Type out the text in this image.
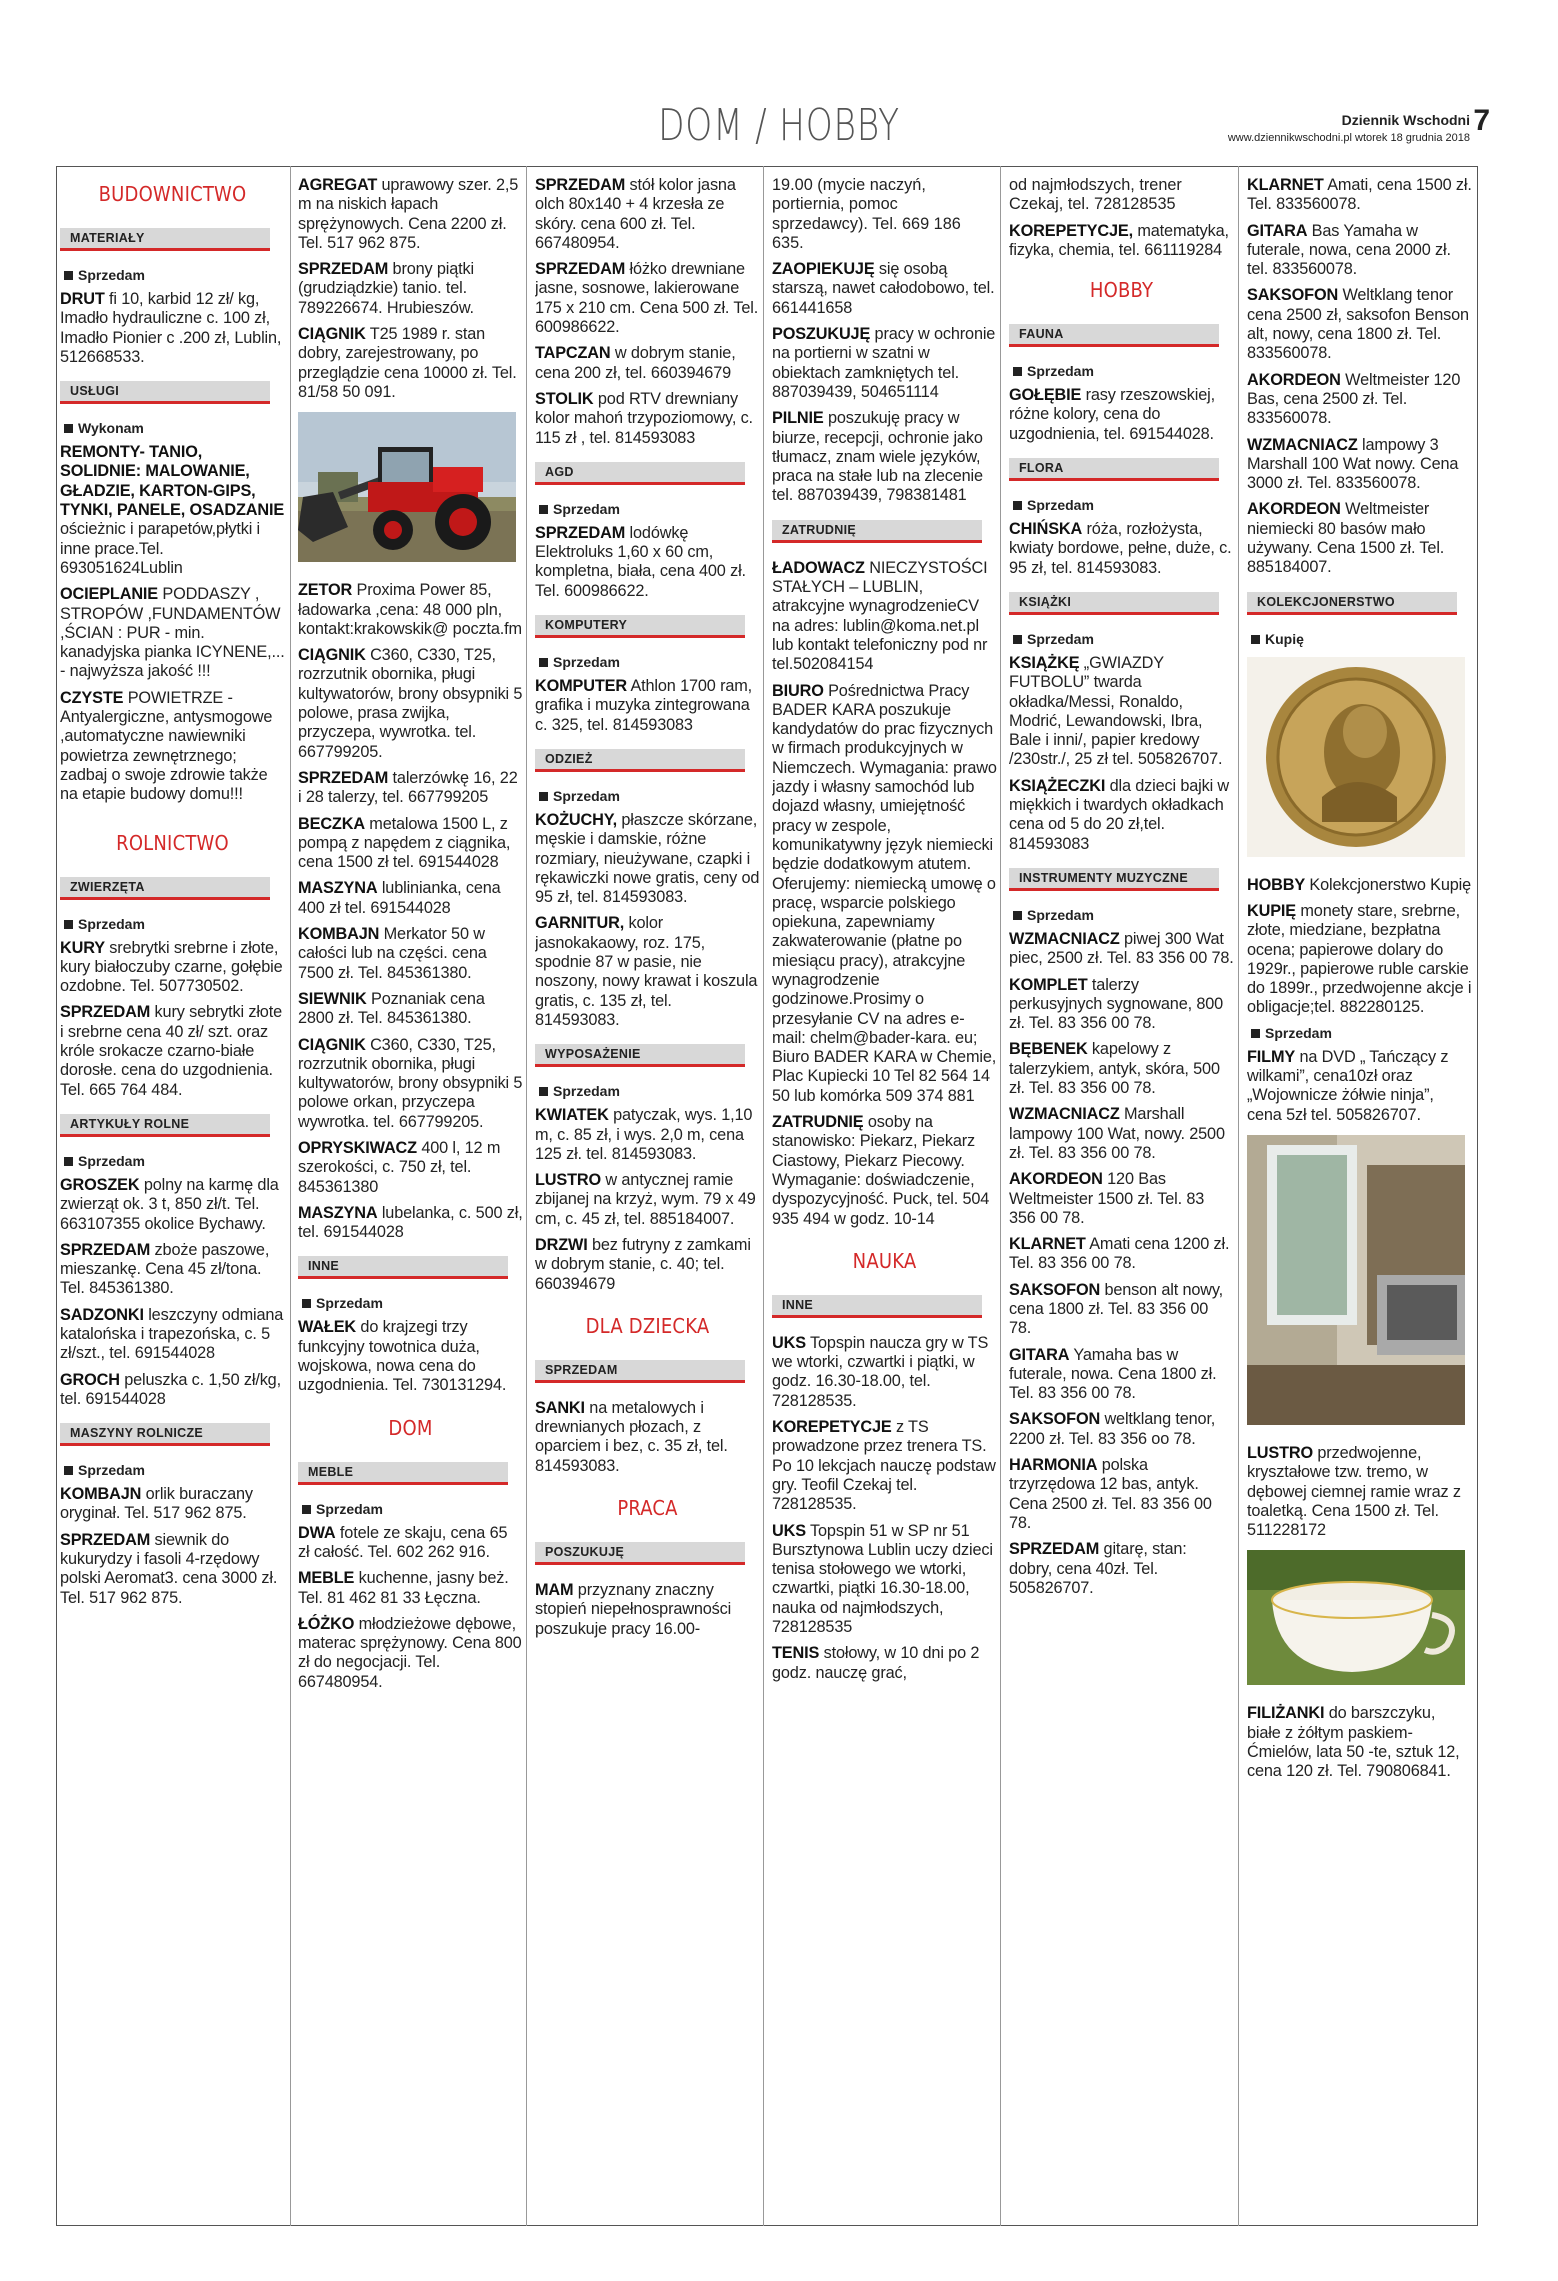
DOM / HOBBY	Dziennik Wschodni 7
www.dziennikwschodni.pl wtorek 18 grudnia 2018
BUDOWNICTWO
MATERIAŁY
Sprzedam
DRUT fi 10, karbid 12 zł/ kg, Imadło hydrauliczne c. 100 zł, Imadło Pionier c .200 zł, Lublin, 512668533.
USŁUGI
Wykonam
REMONTY- TANIO, SOLIDNIE: MALOWANIE, GŁADZIE, KARTON-GIPS, TYNKI, PANELE, OSADZANIE ościeżnic i parapetów,płytki i inne prace.Tel. 693051624Lublin
OCIEPLANIE PODDASZY , STROPÓW ,FUNDAMENTÓW ,ŚCIAN : PUR - min. kanadyjska pianka ICYNENE,... - najwyższa jakość !!!
CZYSTE POWIETRZE - Antyalergiczne, antysmogowe ,automatyczne nawiewniki powietrza zewnętrznego; zadbaj o swoje zdrowie także na etapie budowy domu!!!
ROLNICTWO
ZWIERZĘTA
Sprzedam
KURY srebrytki srebrne i złote, kury białoczuby czarne, gołębie ozdobne. Tel. 507730502.
SPRZEDAM kury sebrytki złote i srebrne cena 40 zł/ szt. oraz króle srokacze czarno-białe dorosłe. cena do uzgodnienia. Tel. 665 764 484.
ARTYKUŁY ROLNE
Sprzedam
GROSZEK polny na karmę dla zwierząt ok. 3 t, 850 zł/t. Tel. 663107355 okolice Bychawy.
SPRZEDAM zboże paszowe, mieszankę. Cena 45 zł/tona. Tel. 845361380.
SADZONKI leszczyny odmiana katalońska i trapezońska, c. 5 zł/szt., tel. 691544028
GROCH peluszka c. 1,50 zł/kg, tel. 691544028
MASZYNY ROLNICZE
Sprzedam
KOMBAJN orlik buraczany oryginał. Tel. 517 962 875.
SPRZEDAM siewnik do kukurydzy i fasoli 4-rzędowy polski Aeromat3. cena 3000 zł. Tel. 517 962 875.
AGREGAT uprawowy szer. 2,5 m na niskich łapach sprężynowych. Cena 2200 zł. Tel. 517 962 875.
SPRZEDAM brony piątki (grudziądzkie) tanio. tel. 789226674. Hrubieszów.
CIĄGNIK T25 1989 r. stan dobry, zarejestrowany, po przeglądzie cena 10000 zł. Tel. 81/58 50 091.
ZETOR Proxima Power 85, ładowarka ,cena: 48 000 pln, kontakt:krakowskik@ poczta.fm
CIĄGNIK C360, C330, T25, rozrzutnik obornika, pługi kultywatorów, brony obsypniki 5 polowe, prasa zwijka, przyczepa, wywrotka. tel. 667799205.
SPRZEDAM talerzówkę 16, 22 i 28 talerzy, tel. 667799205
BECZKA metalowa 1500 L, z pompą z napędem z ciągnika, cena 1500 zł tel. 691544028
MASZYNA lublinianka, cena 400 zł tel. 691544028
KOMBAJN Merkator 50 w całości lub na części. cena 7500 zł. Tel. 845361380.
SIEWNIK Poznaniak cena 2800 zł. Tel. 845361380.
CIĄGNIK C360, C330, T25, rozrzutnik obornika, pługi kultywatorów, brony obsypniki 5 polowe orkan, przyczepa wywrotka. tel. 667799205.
OPRYSKIWACZ 400 l, 12 m szerokości, c. 750 zł, tel. 845361380
MASZYNA lubelanka, c. 500 zł, tel. 691544028
INNE
Sprzedam
WAŁEK do krajzegi trzy funkcyjny towotnica duża, wojskowa, nowa cena do uzgodnienia. Tel. 730131294.
DOM
MEBLE
Sprzedam
DWA fotele ze skaju, cena 65 zł całość. Tel. 602 262 916.
MEBLE kuchenne, jasny beż. Tel. 81 462 81 33 Łęczna.
ŁÓŻKO młodzieżowe dębowe, materac sprężynowy. Cena 800 zł do negocjacji. Tel. 667480954.
SPRZEDAM stół kolor jasna olch 80x140 + 4 krzesła ze skóry. cena 600 zł. Tel. 667480954.
SPRZEDAM łóżko drewniane jasne, sosnowe, lakierowane 175 x 210 cm. Cena 500 zł. Tel. 600986622.
TAPCZAN w dobrym stanie, cena 200 zł, tel. 660394679
STOLIK pod RTV drewniany kolor mahoń trzypoziomowy, c. 115 zł , tel. 814593083
AGD
Sprzedam
SPRZEDAM lodówkę Elektroluks 1,60 x 60 cm, kompletna, biała, cena 400 zł. Tel. 600986622.
KOMPUTERY
Sprzedam
KOMPUTER Athlon 1700 ram, grafika i muzyka zintegrowana c. 325, tel. 814593083
ODZIEŻ
Sprzedam
KOŻUCHY, płaszcze skórzane, męskie i damskie, różne rozmiary, nieużywane, czapki i rękawiczki nowe gratis, ceny od 95 zł, tel. 814593083.
GARNITUR, kolor jasnokakaowy, roz. 175, spodnie 87 w pasie, nie noszony, nowy krawat i koszula gratis, c. 135 zł, tel. 814593083.
WYPOSAŻENIE
Sprzedam
KWIATEK patyczak, wys. 1,10 m, c. 85 zł, i wys. 2,0 m, cena 125 zł. tel. 814593083.
LUSTRO w antycznej ramie zbijanej na krzyż, wym. 79 x 49 cm, c. 45 zł, tel. 885184007.
DRZWI bez futryny z zamkami w dobrym stanie, c. 40; tel. 660394679
DLA DZIECKA
SPRZEDAM
SANKI na metalowych i drewnianych płozach, z oparciem i bez, c. 35 zł, tel. 814593083.
PRACA
POSZUKUJĘ
MAM przyznany znaczny stopień niepełnosprawności poszukuje pracy 16.00-
19.00 (mycie naczyń, portiernia, pomoc sprzedawcy). Tel. 669 186 635.
ZAOPIEKUJĘ się osobą starszą, nawet całodobowo, tel. 661441658
POSZUKUJĘ pracy w ochronie na portierni w szatni w obiektach zamkniętych tel. 887039439, 504651114
PILNIE poszukuję pracy w biurze, recepcji, ochronie jako tłumacz, znam wiele języków, praca na stałe lub na zlecenie tel. 887039439, 798381481
ZATRUDNIĘ
ŁADOWACZ NIECZYSTOŚCI STAŁYCH – LUBLIN, atrakcyjne wynagrodzenieCV na adres: lublin@koma.net.pl lub kontakt telefoniczny pod nr tel.502084154
BIURO Pośrednictwa Pracy BADER KARA poszukuje kandydatów do prac fizycznych w firmach produkcyjnych w Niemczech. Wymagania: prawo jazdy i własny samochód lub dojazd własny, umiejętność pracy w zespole, komunikatywny język niemiecki będzie dodatkowym atutem. Oferujemy: niemiecką umowę o pracę, wsparcie polskiego opiekuna, zapewniamy zakwaterowanie (płatne po miesiącu pracy), atrakcyjne wynagrodzenie godzinowe.Prosimy o przesyłanie CV na adres e-mail: chelm@bader-kara. eu; Biuro BADER KARA w Chemie, Plac Kupiecki 10 Tel 82 564 14 50 lub komórka 509 374 881
ZATRUDNIĘ osoby na stanowisko: Piekarz, Piekarz Ciastowy, Piekarz Piecowy. Wymaganie: doświadczenie, dyspozycyjność. Puck, tel. 504 935 494 w godz. 10-14
NAUKA
INNE
UKS Topspin naucza gry w TS we wtorki, czwartki i piątki, w godz. 16.30-18.00, tel. 728128535.
KOREPETYCJE z TS prowadzone przez trenera TS. Po 10 lekcjach nauczę podstaw gry. Teofil Czekaj tel. 728128535.
UKS Topspin 51 w SP nr 51 Bursztynowa Lublin uczy dzieci tenisa stołowego we wtorki, czwartki, piątki 16.30-18.00, nauka od najmłodszych, 728128535
TENIS stołowy, w 10 dni po 2 godz. nauczę grać,
od najmłodszych, trener Czekaj, tel. 728128535
KOREPETYCJE, matematyka, fizyka, chemia, tel. 661119284
HOBBY
FAUNA
Sprzedam
GOŁĘBIE rasy rzeszowskiej, różne kolory, cena do uzgodnienia, tel. 691544028.
FLORA
Sprzedam
CHIŃSKA róża, rozłożysta, kwiaty bordowe, pełne, duże, c. 95 zł, tel. 814593083.
KSIĄŻKI
Sprzedam
KSIĄŻKĘ „GWIAZDY FUTBOLU” twarda okładka/Messi, Ronaldo, Modrić, Lewandowski, Ibra, Bale i inni/, papier kredowy /230str./, 25 zł tel. 505826707.
KSIĄŻECZKI dla dzieci bajki w miękkich i twardych okładkach cena od 5 do 20 zł,tel. 814593083
INSTRUMENTY MUZYCZNE
Sprzedam
WZMACNIACZ piwej 300 Wat piec, 2500 zł. Tel. 83 356 00 78.
KOMPLET talerzy perkusyjnych sygnowane, 800 zł. Tel. 83 356 00 78.
BĘBENEK kapelowy z talerzykiem, antyk, skóra, 500 zł. Tel. 83 356 00 78.
WZMACNIACZ Marshall lampowy 100 Wat, nowy. 2500 zł. Tel. 83 356 00 78.
AKORDEON 120 Bas Weltmeister 1500 zł. Tel. 83 356 00 78.
KLARNET Amati cena 1200 zł. Tel. 83 356 00 78.
SAKSOFON benson alt nowy, cena 1800 zł. Tel. 83 356 00 78.
GITARA Yamaha bas w futerale, nowa. Cena 1800 zł. Tel. 83 356 00 78.
SAKSOFON weltklang tenor, 2200 zł. Tel. 83 356 oo 78.
HARMONIA polska trzyrzędowa 12 bas, antyk. Cena 2500 zł. Tel. 83 356 00 78.
SPRZEDAM gitarę, stan: dobry, cena 40zł. Tel. 505826707.
KLARNET Amati, cena 1500 zł. Tel. 833560078.
GITARA Bas Yamaha w futerale, nowa, cena 2000 zł. tel. 833560078.
SAKSOFON Weltklang tenor cena 2500 zł, saksofon Benson alt, nowy, cena 1800 zł. Tel. 833560078.
AKORDEON Weltmeister 120 Bas, cena 2500 zł. Tel. 833560078.
WZMACNIACZ lampowy 3 Marshall 100 Wat nowy. Cena 3000 zł. Tel. 833560078.
AKORDEON Weltmeister niemiecki 80 basów mało używany. Cena 1500 zł. Tel. 885184007.
KOLEKCJONERSTWO
Kupię
HOBBY Kolekcjonerstwo Kupię
KUPIĘ monety stare, srebrne, złote, miedziane, bezpłatna ocena; papierowe dolary do 1929r., papierowe ruble carskie do 1899r., przedwojenne akcje i obligacje;tel. 882280125.
Sprzedam
FILMY na DVD „ Tańczący z wilkami”, cena10zł oraz „Wojownicze żółwie ninja”, cena 5zł tel. 505826707.
LUSTRO przedwojenne, kryształowe tzw. tremo, w dębowej ciemnej ramie wraz z toaletką. Cena 1500 zł. Tel. 511228172
FILIŻANKI do barszczyku, białe z żółtym paskiem-Ćmielów, lata 50 -te, sztuk 12, cena 120 zł. Tel. 790806841.
